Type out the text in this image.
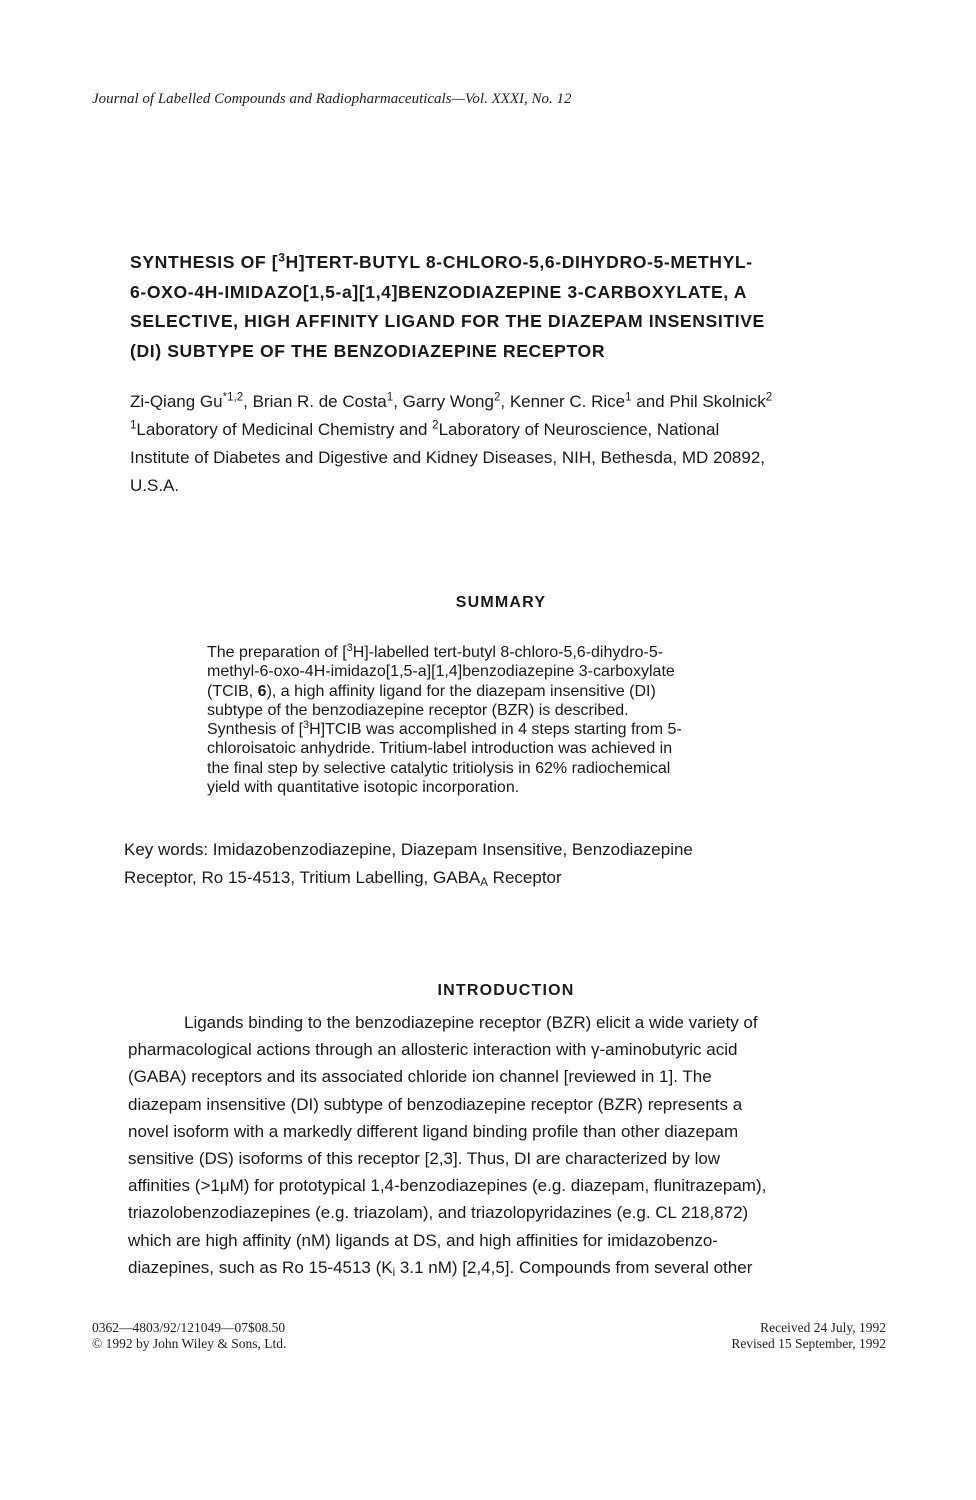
Journal of Labelled Compounds and Radiopharmaceuticals—Vol. XXXI, No. 12
SYNTHESIS OF [$^3$H]TERT-BUTYL 8-CHLORO-5,6-DIHYDRO-5-METHYL-
6-OXO-4H-IMIDAZO[1,5-a][1,4]BENZODIAZEPINE 3-CARBOXYLATE, A
SELECTIVE, HIGH AFFINITY LIGAND FOR THE DIAZEPAM INSENSITIVE
(DI) SUBTYPE OF THE BENZODIAZEPINE RECEPTOR
Zi-Qiang Gu$^{*1,2}$, Brian R. de Costa$^1$, Garry Wong$^2$, Kenner C. Rice$^1$ and Phil Skolnick$^2$
$^1$Laboratory of Medicinal Chemistry and $^2$Laboratory of Neuroscience, National
Institute of Diabetes and Digestive and Kidney Diseases, NIH, Bethesda, MD 20892,
U.S.A.
SUMMARY
The preparation of [$^3$H]-labelled tert-butyl 8-chloro-5,6-dihydro-5-
methyl-6-oxo-4H-imidazo[1,5-a][1,4]benzodiazepine 3-carboxylate
(TCIB, 6), a high affinity ligand for the diazepam insensitive (DI)
subtype of the benzodiazepine receptor (BZR) is described.
Synthesis of [$^3$H]TCIB was accomplished in 4 steps starting from 5-
chloroisatoic anhydride. Tritium-label introduction was achieved in
the final step by selective catalytic tritiolysis in 62% radiochemical
yield with quantitative isotopic incorporation.
Key words: Imidazobenzodiazepine, Diazepam Insensitive, Benzodiazepine
Receptor, Ro 15-4513, Tritium Labelling, $GABA_A$ Receptor
INTRODUCTION
Ligands binding to the benzodiazepine receptor (BZR) elicit a wide variety of
pharmacological actions through an allosteric interaction with γ-aminobutyric acid
(GABA) receptors and its associated chloride ion channel [reviewed in 1]. The
diazepam insensitive (DI) subtype of benzodiazepine receptor (BZR) represents a
novel isoform with a markedly different ligand binding profile than other diazepam
sensitive (DS) isoforms of this receptor [2,3]. Thus, DI are characterized by low
affinities (>1μM) for prototypical 1,4-benzodiazepines (e.g. diazepam, flunitrazepam),
triazolobenzodiazepines (e.g. triazolam), and triazolopyridazines (e.g. CL 218,872)
which are high affinity (nM) ligands at DS, and high affinities for imidazobenzo-
diazepines, such as Ro 15-4513 ($K_i$ 3.1 nM) [2,4,5]. Compounds from several other
0362—4803/92/121049—07$08.50
© 1992 by John Wiley & Sons, Ltd.
Received 24 July, 1992
Revised 15 September, 1992
